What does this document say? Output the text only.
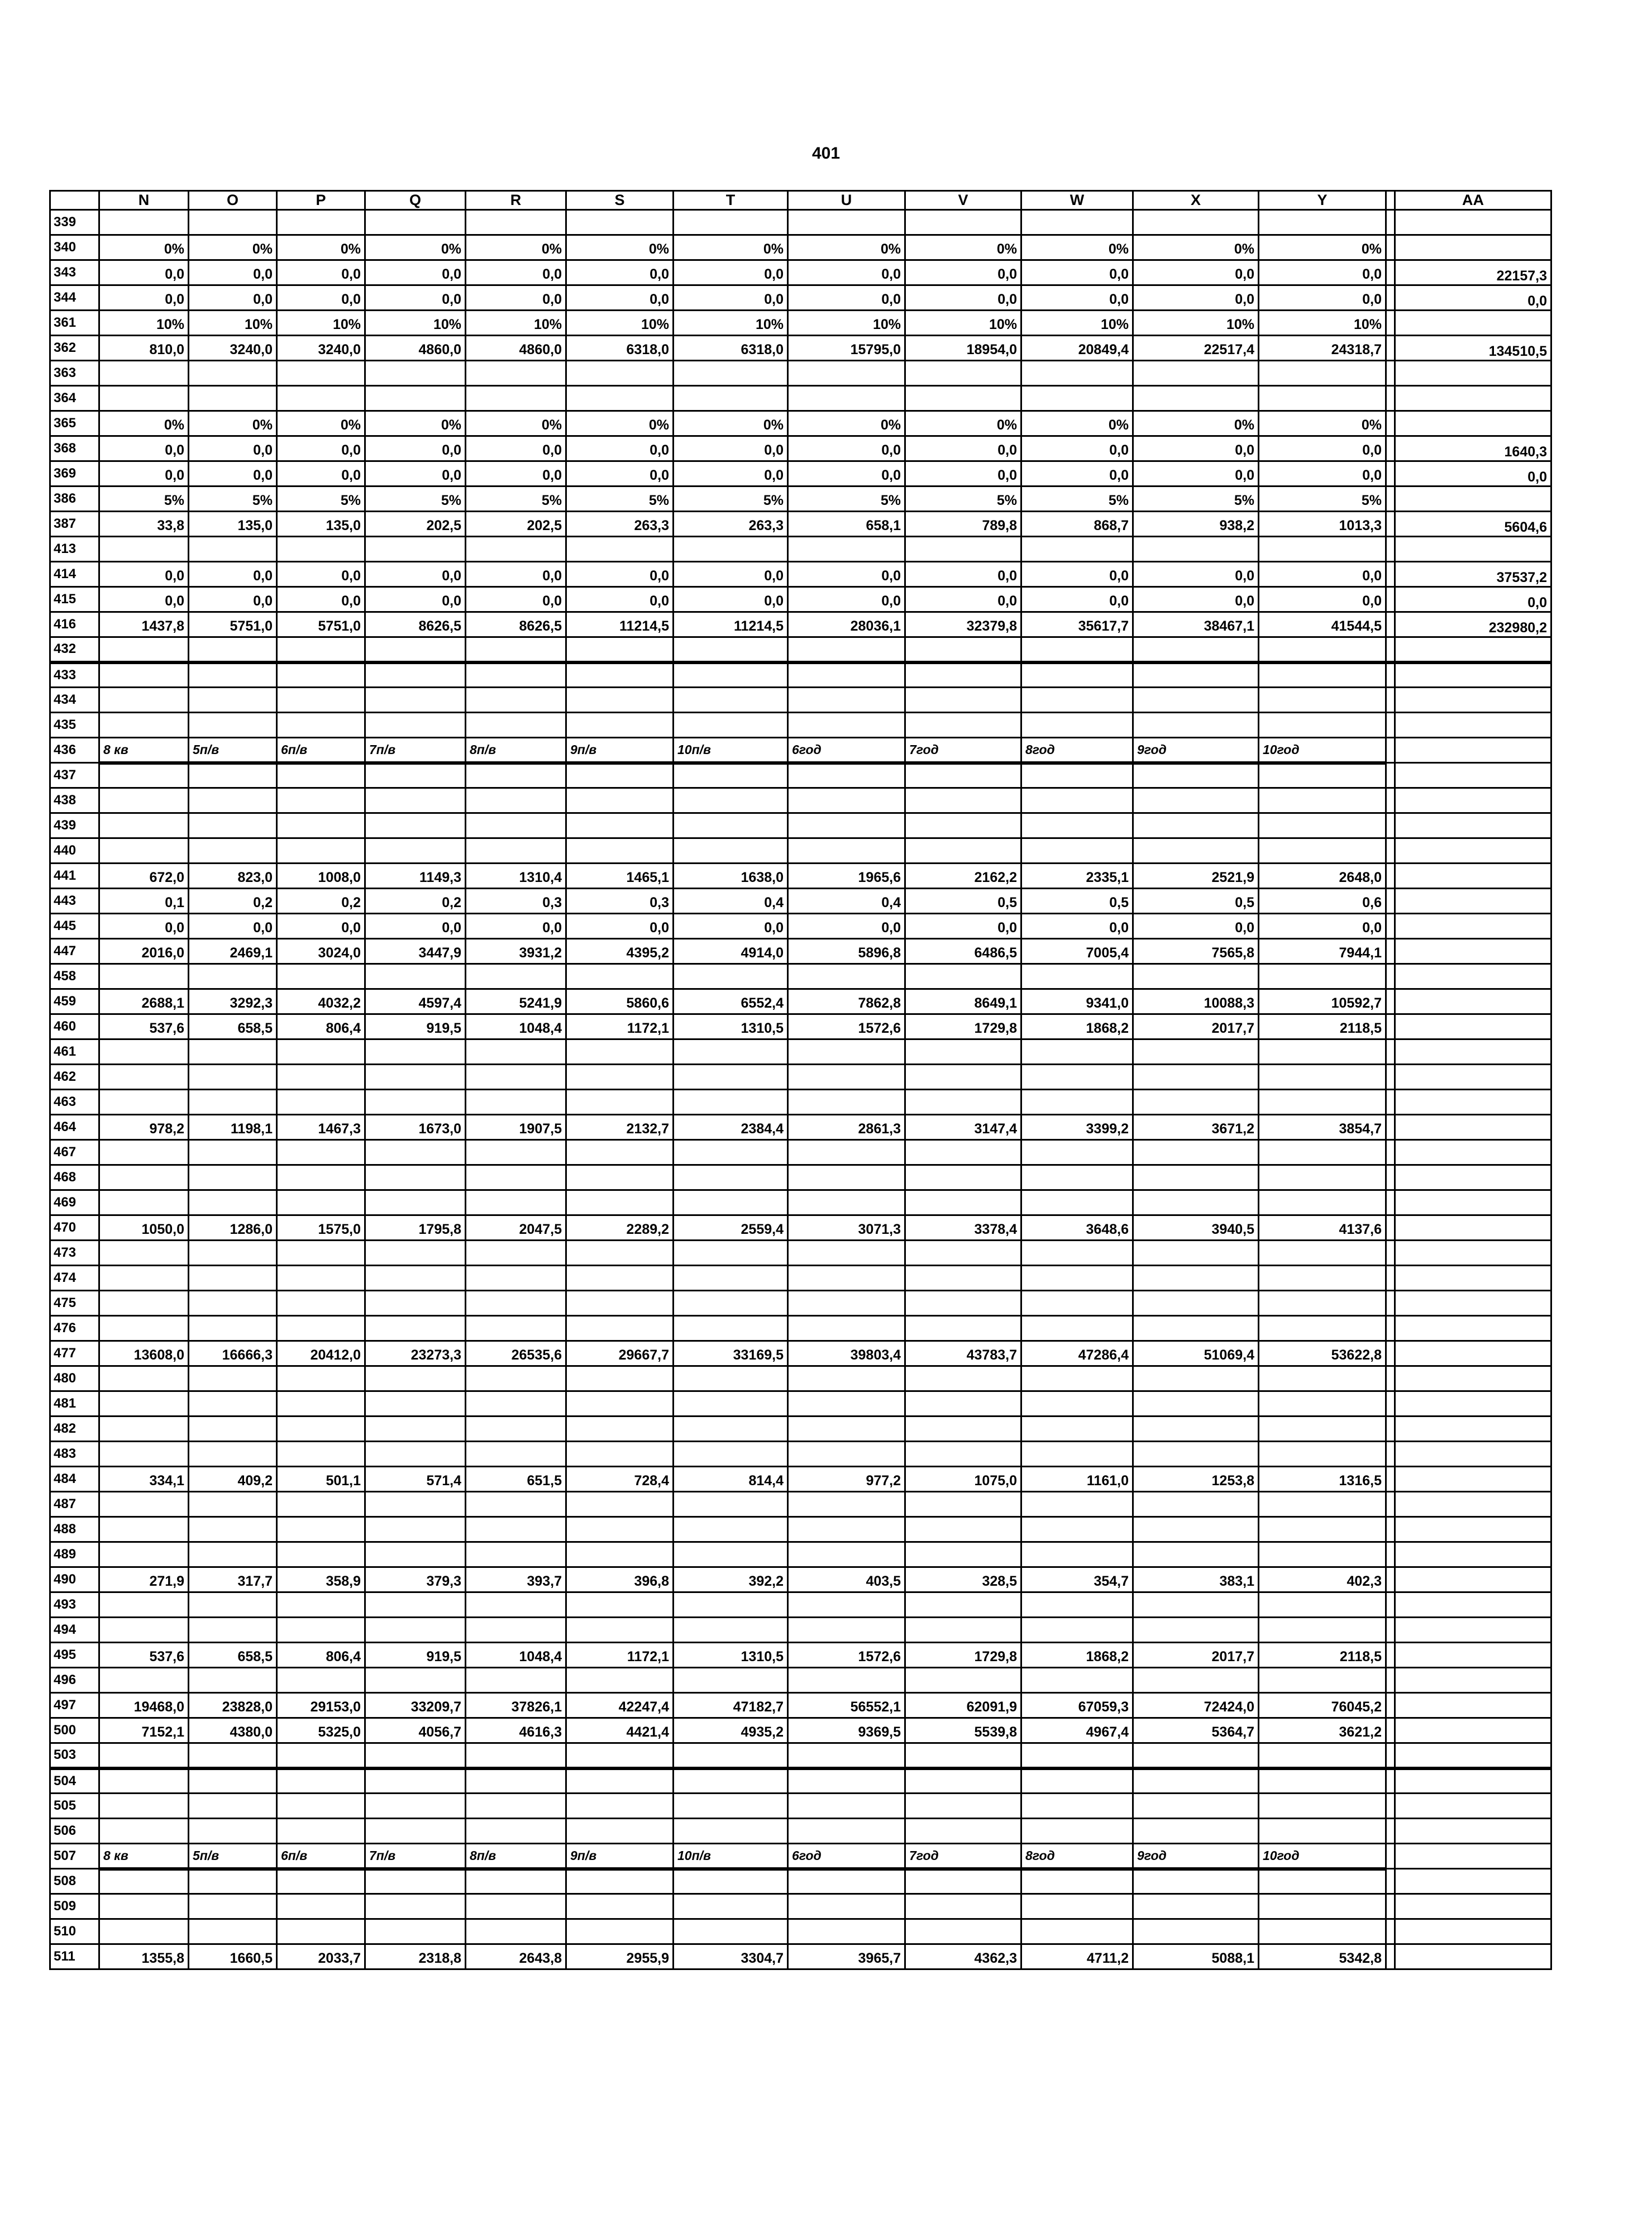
401
	N	O	P	Q	R	S	T	U	V	W	X	Y		AA
339														
340	0%	0%	0%	0%	0%	0%	0%	0%	0%	0%	0%	0%		
343	0,0	0,0	0,0	0,0	0,0	0,0	0,0	0,0	0,0	0,0	0,0	0,0		22157,3
344	0,0	0,0	0,0	0,0	0,0	0,0	0,0	0,0	0,0	0,0	0,0	0,0		0,0
361	10%	10%	10%	10%	10%	10%	10%	10%	10%	10%	10%	10%		
362	810,0	3240,0	3240,0	4860,0	4860,0	6318,0	6318,0	15795,0	18954,0	20849,4	22517,4	24318,7		134510,5
363														
364														
365	0%	0%	0%	0%	0%	0%	0%	0%	0%	0%	0%	0%		
368	0,0	0,0	0,0	0,0	0,0	0,0	0,0	0,0	0,0	0,0	0,0	0,0		1640,3
369	0,0	0,0	0,0	0,0	0,0	0,0	0,0	0,0	0,0	0,0	0,0	0,0		0,0
386	5%	5%	5%	5%	5%	5%	5%	5%	5%	5%	5%	5%		
387	33,8	135,0	135,0	202,5	202,5	263,3	263,3	658,1	789,8	868,7	938,2	1013,3		5604,6
413														
414	0,0	0,0	0,0	0,0	0,0	0,0	0,0	0,0	0,0	0,0	0,0	0,0		37537,2
415	0,0	0,0	0,0	0,0	0,0	0,0	0,0	0,0	0,0	0,0	0,0	0,0		0,0
416	1437,8	5751,0	5751,0	8626,5	8626,5	11214,5	11214,5	28036,1	32379,8	35617,7	38467,1	41544,5		232980,2
432														
433														
434														
435														
436	8 кв	5п/в	6п/в	7п/в	8п/в	9п/в	10п/в	6год	7год	8год	9год	10год		
437														
438														
439														
440														
441	672,0	823,0	1008,0	1149,3	1310,4	1465,1	1638,0	1965,6	2162,2	2335,1	2521,9	2648,0		
443	0,1	0,2	0,2	0,2	0,3	0,3	0,4	0,4	0,5	0,5	0,5	0,6		
445	0,0	0,0	0,0	0,0	0,0	0,0	0,0	0,0	0,0	0,0	0,0	0,0		
447	2016,0	2469,1	3024,0	3447,9	3931,2	4395,2	4914,0	5896,8	6486,5	7005,4	7565,8	7944,1		
458														
459	2688,1	3292,3	4032,2	4597,4	5241,9	5860,6	6552,4	7862,8	8649,1	9341,0	10088,3	10592,7		
460	537,6	658,5	806,4	919,5	1048,4	1172,1	1310,5	1572,6	1729,8	1868,2	2017,7	2118,5		
461														
462														
463														
464	978,2	1198,1	1467,3	1673,0	1907,5	2132,7	2384,4	2861,3	3147,4	3399,2	3671,2	3854,7		
467														
468														
469														
470	1050,0	1286,0	1575,0	1795,8	2047,5	2289,2	2559,4	3071,3	3378,4	3648,6	3940,5	4137,6		
473														
474														
475														
476														
477	13608,0	16666,3	20412,0	23273,3	26535,6	29667,7	33169,5	39803,4	43783,7	47286,4	51069,4	53622,8		
480														
481														
482														
483														
484	334,1	409,2	501,1	571,4	651,5	728,4	814,4	977,2	1075,0	1161,0	1253,8	1316,5		
487														
488														
489														
490	271,9	317,7	358,9	379,3	393,7	396,8	392,2	403,5	328,5	354,7	383,1	402,3		
493														
494														
495	537,6	658,5	806,4	919,5	1048,4	1172,1	1310,5	1572,6	1729,8	1868,2	2017,7	2118,5		
496														
497	19468,0	23828,0	29153,0	33209,7	37826,1	42247,4	47182,7	56552,1	62091,9	67059,3	72424,0	76045,2		
500	7152,1	4380,0	5325,0	4056,7	4616,3	4421,4	4935,2	9369,5	5539,8	4967,4	5364,7	3621,2		
503														
504														
505														
506														
507	8 кв	5п/в	6п/в	7п/в	8п/в	9п/в	10п/в	6год	7год	8год	9год	10год		
508														
509														
510														
511	1355,8	1660,5	2033,7	2318,8	2643,8	2955,9	3304,7	3965,7	4362,3	4711,2	5088,1	5342,8		
